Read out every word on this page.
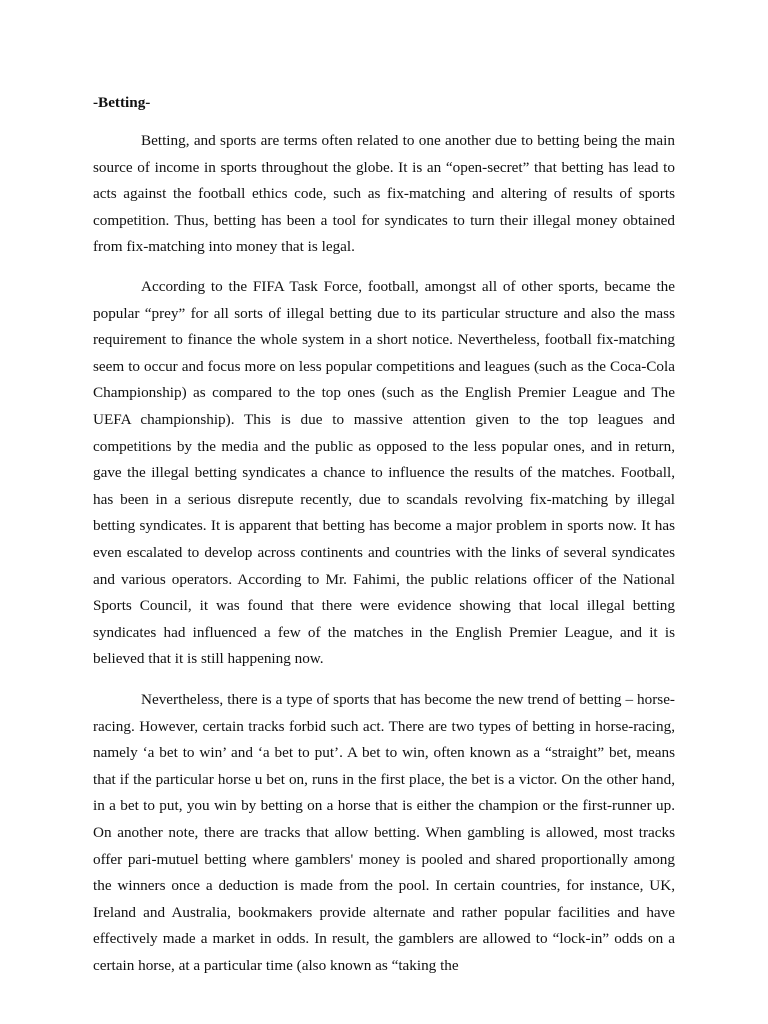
-Betting-

Betting, and sports are terms often related to one another due to betting being the main source of income in sports throughout the globe. It is an “open-secret” that betting has lead to acts against the football ethics code, such as fix-matching and altering of results of sports competition. Thus, betting has been a tool for syndicates to turn their illegal money obtained from fix-matching into money that is legal.

According to the FIFA Task Force, football, amongst all of other sports, became the popular “prey” for all sorts of illegal betting due to its particular structure and also the mass requirement to finance the whole system in a short notice. Nevertheless, football fix-matching seem to occur and focus more on less popular competitions and leagues (such as the Coca-Cola Championship) as compared to the top ones (such as the English Premier League and The UEFA championship). This is due to massive attention given to the top leagues and competitions by the media and the public as opposed to the less popular ones, and in return, gave the illegal betting syndicates a chance to influence the results of the matches. Football, has been in a serious disrepute recently, due to scandals revolving fix-matching by illegal betting syndicates. It is apparent that betting has become a major problem in sports now. It has even escalated to develop across continents and countries with the links of several syndicates and various operators. According to Mr. Fahimi, the public relations officer of the National Sports Council, it was found that there were evidence showing that local illegal betting syndicates had influenced a few of the matches in the English Premier League, and it is believed that it is still happening now.

Nevertheless, there is a type of sports that has become the new trend of betting – horse-racing. However, certain tracks forbid such act. There are two types of betting in horse-racing, namely ‘a bet to win’ and ‘a bet to put’. A bet to win, often known as a “straight” bet, means that if the particular horse u bet on, runs in the first place, the bet is a victor. On the other hand, in a bet to put, you win by betting on a horse that is either the champion or the first-runner up. On another note, there are tracks that allow betting. When gambling is allowed, most tracks offer pari-mutuel betting where gamblers' money is pooled and shared proportionally among the winners once a deduction is made from the pool. In certain countries, for instance, UK, Ireland and Australia, bookmakers provide alternate and rather popular facilities and have effectively made a market in odds. In result, the gamblers are allowed to “lock-in” odds on a certain horse, at a particular time (also known as “taking the
